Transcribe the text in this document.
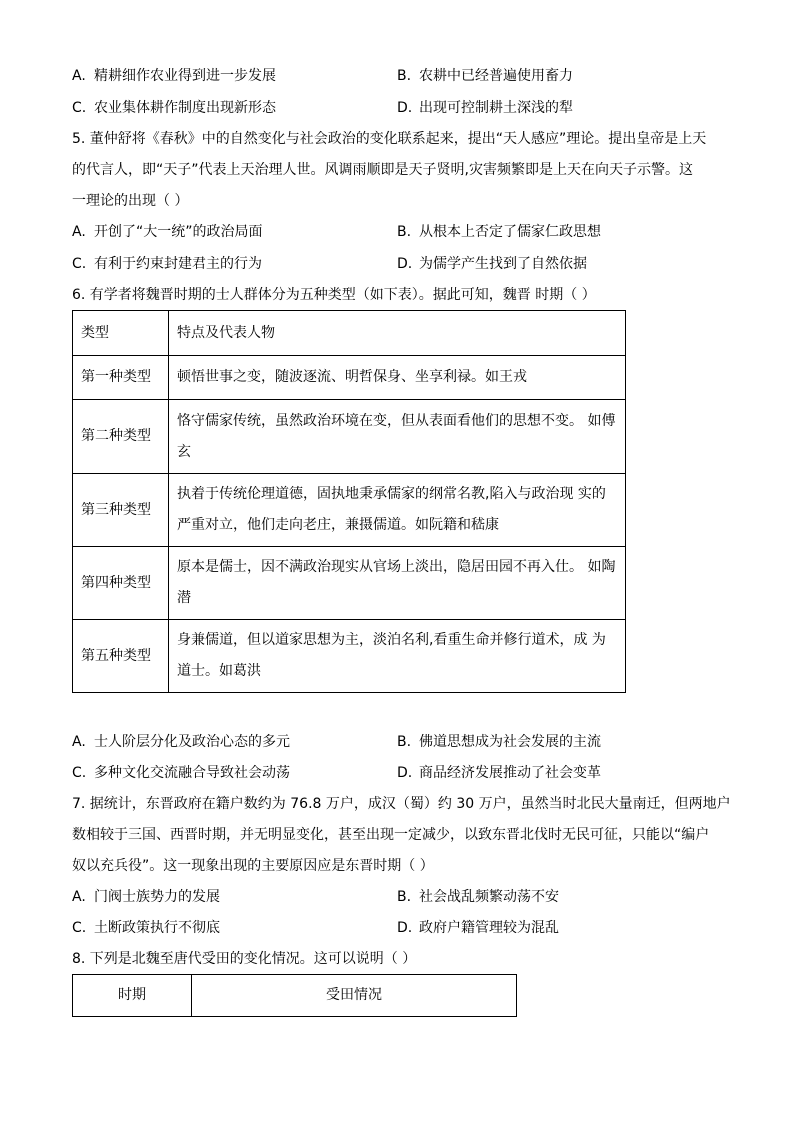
A. 精耕细作农业得到进一步发展	B. 农耕中已经普遍使用畜力
C. 农业集体耕作制度出现新形态	D. 出现可控制耕土深浅的犁
5. 董仲舒将《春秋》中的自然变化与社会政治的变化联系起来，提出“天人感应”理论。提出皇帝是上天
的代言人，即“天子”代表上天治理人世。风调雨顺即是天子贤明,灾害频繁即是上天在向天子示警。这
一理论的出现（ ）
A. 开创了“大一统”的政治局面	B. 从根本上否定了儒家仁政思想
C. 有利于约束封建君主的行为	D. 为儒学产生找到了自然依据
6. 有学者将魏晋时期的士人群体分为五种类型（如下表）。据此可知，魏晋 时期（ ）
类型	特点及代表人物
第一种类型	顿悟世事之变，随波逐流、明哲保身、坐享利禄。如王戎
第二种类型	恪守儒家传统，虽然政治环境在变，但从表面看他们的思想不变。 如傅
玄

第三种类型	执着于传统伦理道德，固执地秉承儒家的纲常名教,陷入与政治现 实的
严重对立，他们走向老庄，兼摄儒道。如阮籍和嵇康

第四种类型	原本是儒士，因不满政治现实从官场上淡出，隐居田园不再入仕。 如陶
潜

第五种类型	身兼儒道，但以道家思想为主，淡泊名利,看重生命并修行道术，成 为
道士。如葛洪
A. 士人阶层分化及政治心态的多元	B. 佛道思想成为社会发展的主流
C. 多种文化交流融合导致社会动荡	D. 商品经济发展推动了社会变革
7. 据统计，东晋政府在籍户数约为 76.8 万户，成汉（蜀）约 30 万户，虽然当时北民大量南迁，但两地户
数相较于三国、西晋时期，并无明显变化，甚至出现一定减少，以致东晋北伐时无民可征，只能以“编户
奴以充兵役”。这一现象出现的主要原因应是东晋时期（ ）
A. 门阀士族势力的发展	B. 社会战乱频繁动荡不安
C. 土断政策执行不彻底	D. 政府户籍管理较为混乱
8. 下列是北魏至唐代受田的变化情况。这可以说明（ ）
时期	受田情况
